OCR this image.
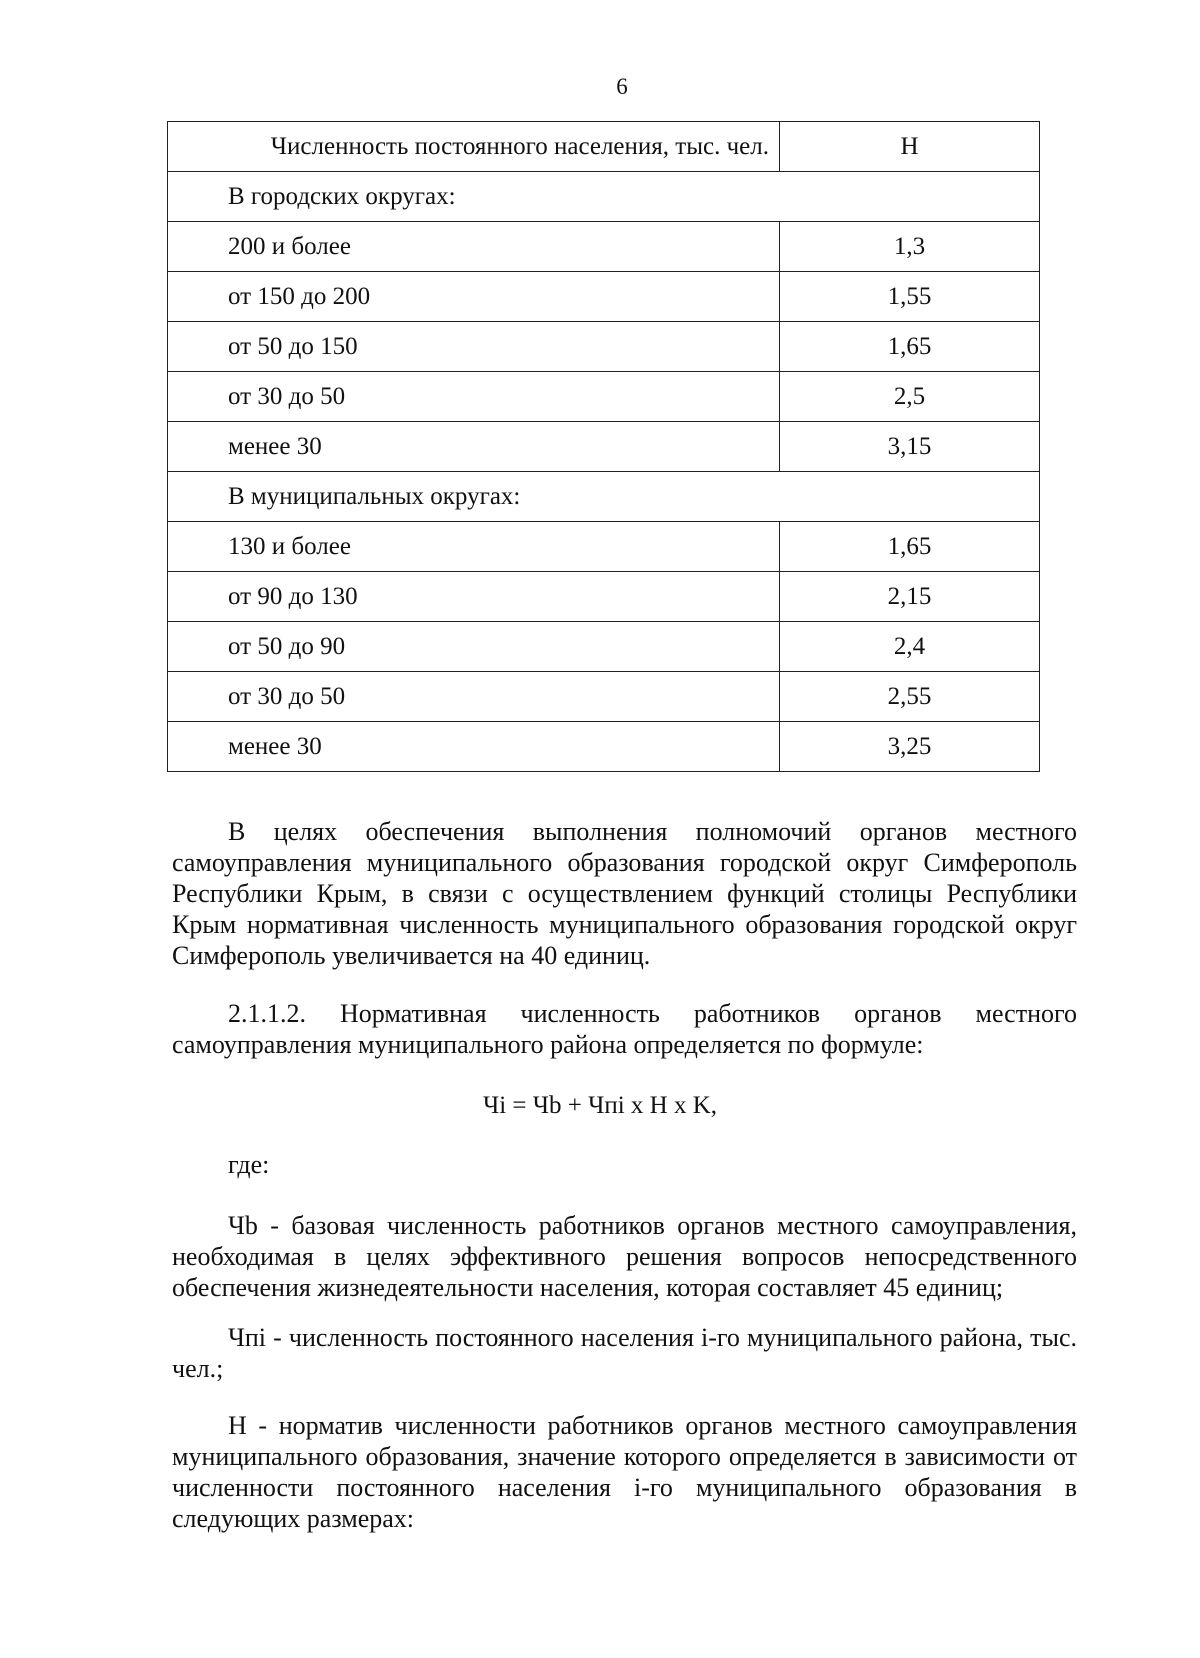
6
Численность постоянного населения, тыс. чел.	Н
В городских округах:	
200 и более	1,3
от 150 до 200	1,55
от 50 до 150	1,65
от 30 до 50	2,5
менее 30	3,15
В муниципальных округах:	
130 и более	1,65
от 90 до 130	2,15
от 50 до 90	2,4
от 30 до 50	2,55
менее 30	3,25

В целях обеспечения выполнения полномочий органов местного самоуправления муниципального образования городской округ Симферополь Республики Крым, в связи с осуществлением функций столицы Республики Крым нормативная численность муниципального образования городской округ Симферополь увеличивается на 40 единиц.

2.1.1.2. Нормативная численность работников органов местного самоуправления муниципального района определяется по формуле:

Чi = Чb + Чпi x Н x K,
где:

Чb - базовая численность работников органов местного самоуправления, необходимая в целях эффективного решения вопросов непосредственного обеспечения жизнедеятельности населения, которая составляет 45 единиц;

Чпi - численность постоянного населения i-го муниципального района, тыс. чел.;

Н - норматив численности работников органов местного самоуправления муниципального образования, значение которого определяется в зависимости от численности постоянного населения i-го муниципального образования в следующих размерах:
